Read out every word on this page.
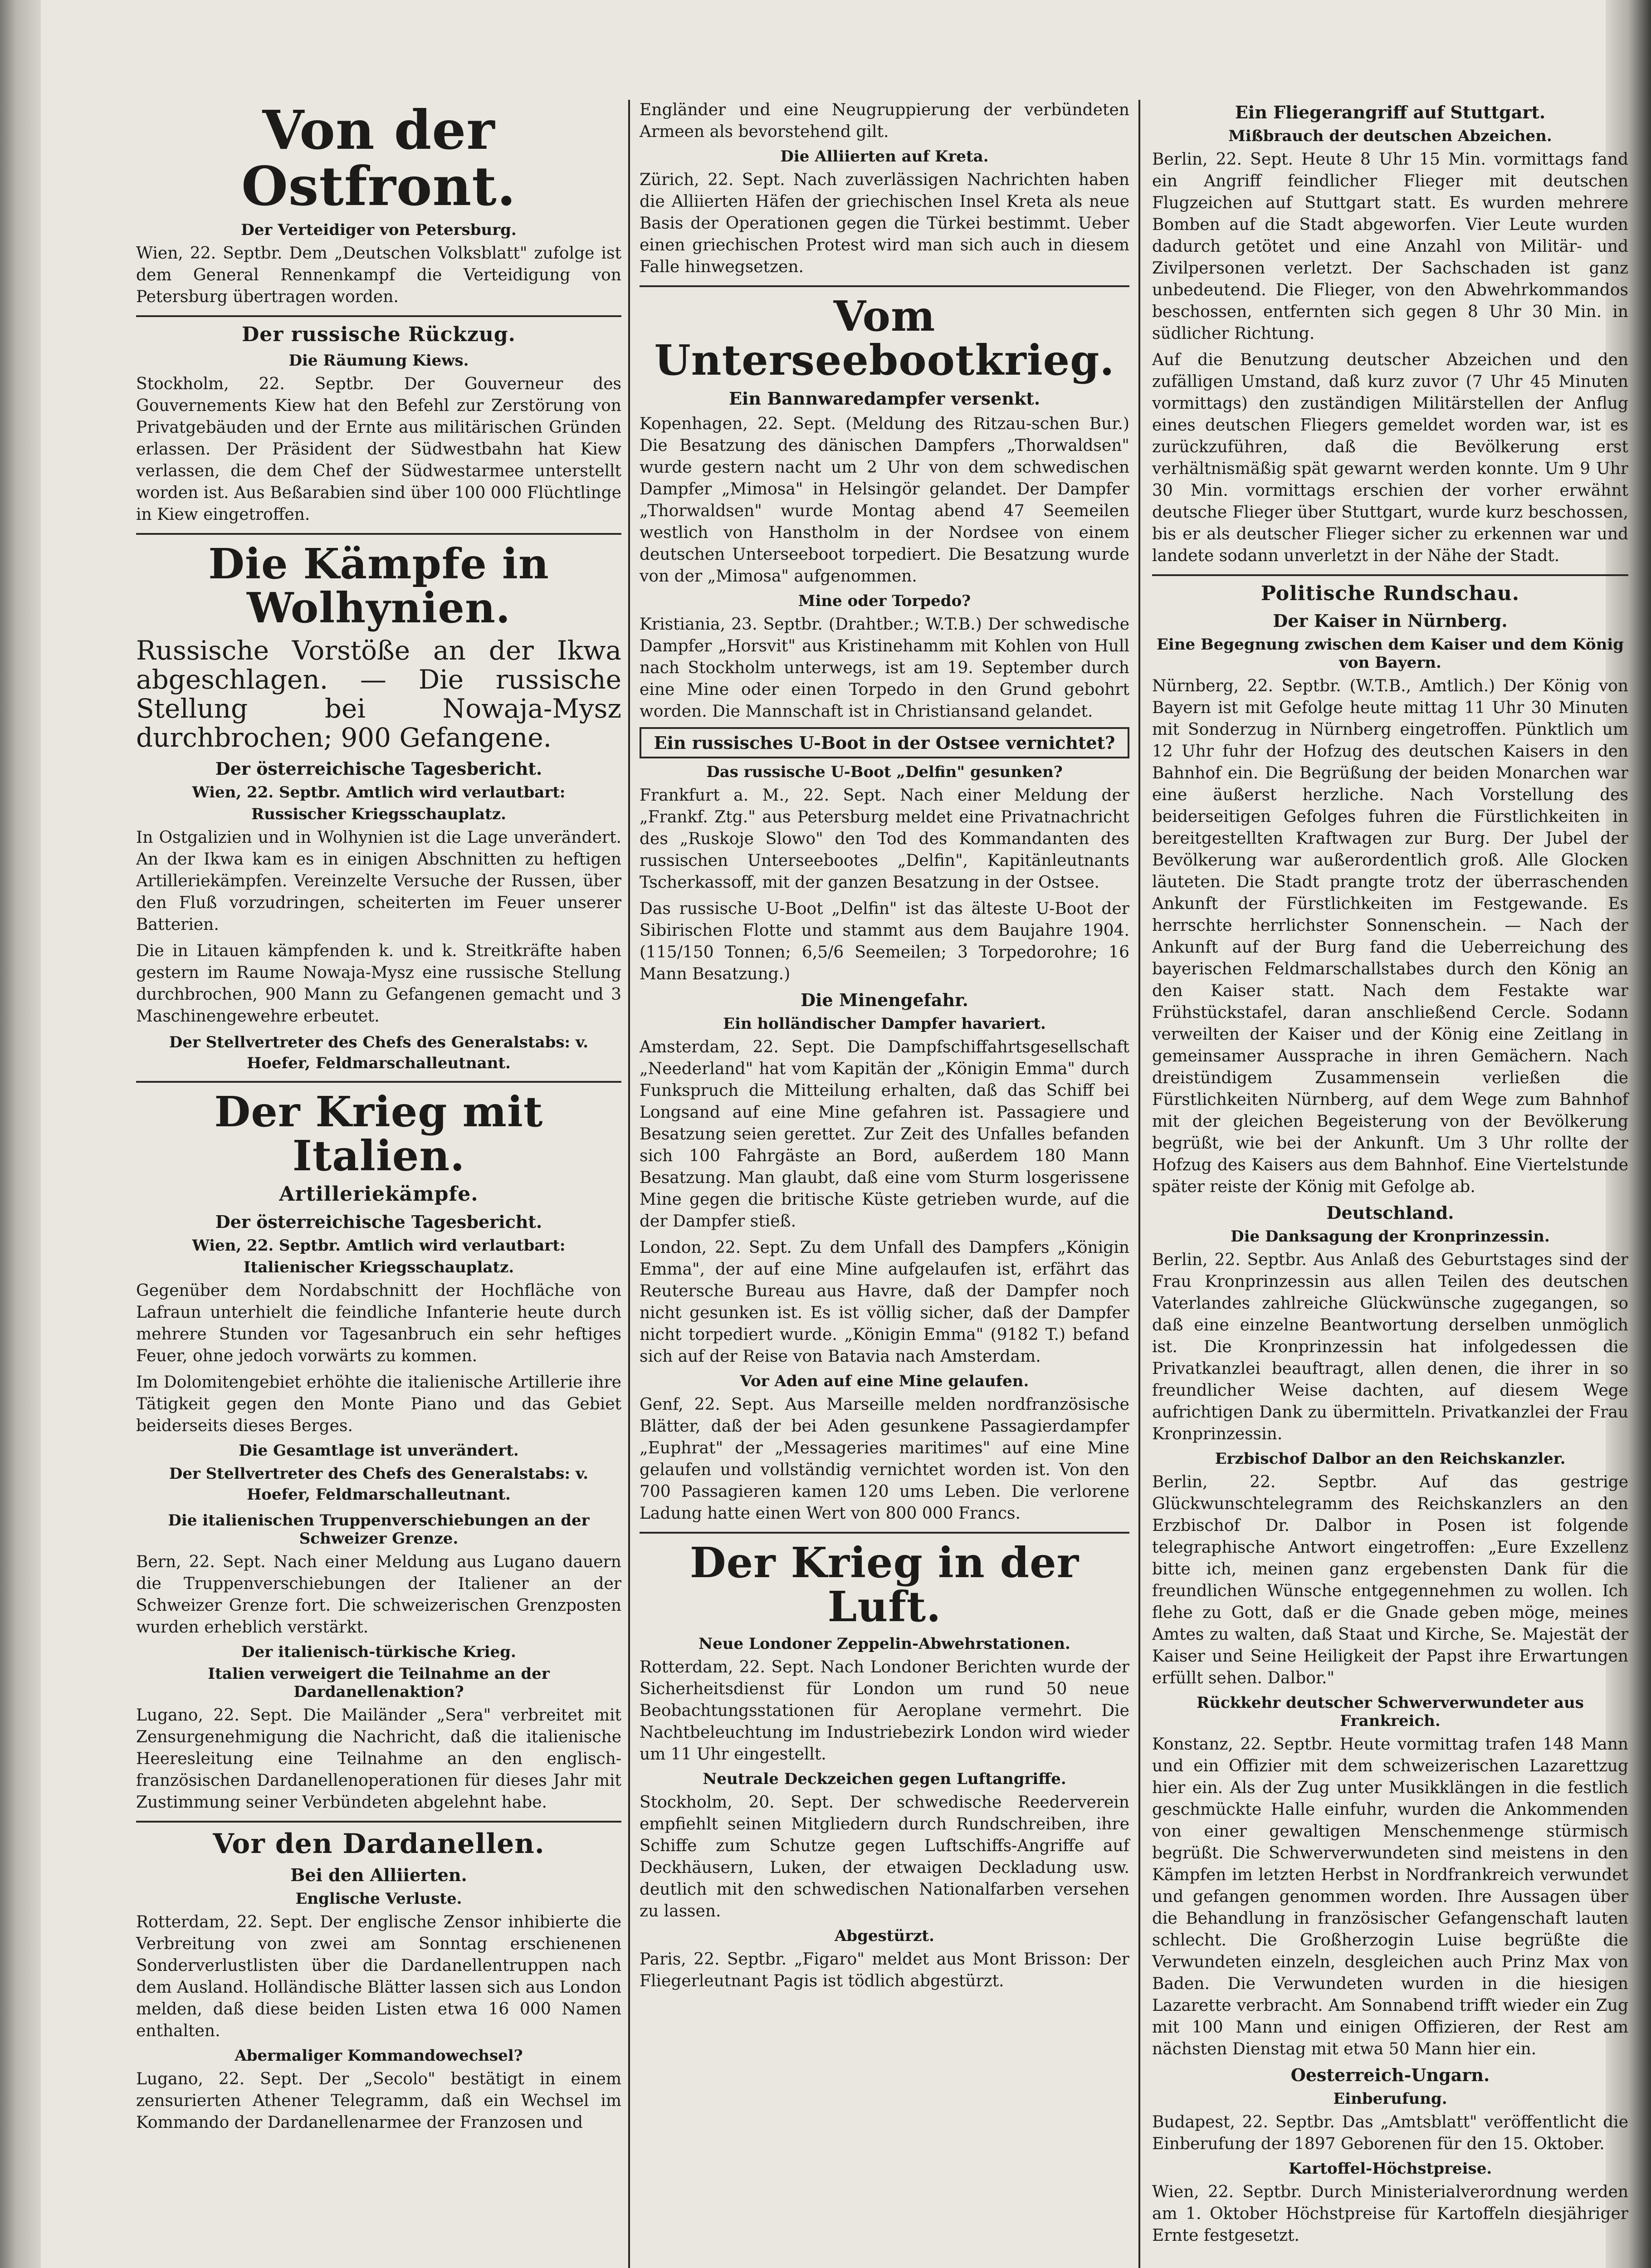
Von der Ostfront.
Der Verteidiger von Petersburg.
Wien, 22. Septbr. Dem „Deutschen Volksblatt" zufolge ist dem General Rennenkampf die Verteidigung von Petersburg übertragen worden.
Der russische Rückzug.
Die Räumung Kiews.
Stockholm, 22. Septbr. Der Gouverneur des Gouvernements Kiew hat den Befehl zur Zerstörung von Privatgebäuden und der Ernte aus militärischen Gründen erlassen. Der Präsident der Südwestbahn hat Kiew verlassen, die dem Chef der Südwestarmee unterstellt worden ist. Aus Beßarabien sind über 100 000 Flüchtlinge in Kiew eingetroffen.
Die Kämpfe in Wolhynien.
Russische Vorstöße an der Ikwa abgeschlagen. — Die russische Stellung bei Nowaja-Mysz durchbrochen; 900 Gefangene.
Der österreichische Tagesbericht.
Wien, 22. Septbr. Amtlich wird verlautbart:
Russischer Kriegsschauplatz.
In Ostgalizien und in Wolhynien ist die Lage unverändert. An der Ikwa kam es in einigen Abschnitten zu heftigen Artilleriekämpfen. Vereinzelte Versuche der Russen, über den Fluß vorzudringen, scheiterten im Feuer unserer Batterien.
Die in Litauen kämpfenden k. und k. Streitkräfte haben gestern im Raume Nowaja-Mysz eine russische Stellung durchbrochen, 900 Mann zu Gefangenen gemacht und 3 Maschinengewehre erbeutet.
Der Stellvertreter des Chefs des Generalstabs: v. Hoefer, Feldmarschalleutnant.
Der Krieg mit Italien.
Artilleriekämpfe.
Der österreichische Tagesbericht.
Wien, 22. Septbr. Amtlich wird verlautbart:
Italienischer Kriegsschauplatz.
Gegenüber dem Nordabschnitt der Hochfläche von Lafraun unterhielt die feindliche Infanterie heute durch mehrere Stunden vor Tagesanbruch ein sehr heftiges Feuer, ohne jedoch vorwärts zu kommen.
Im Dolomitengebiet erhöhte die italienische Artillerie ihre Tätigkeit gegen den Monte Piano und das Gebiet beiderseits dieses Berges.
Die Gesamtlage ist unverändert.
Der Stellvertreter des Chefs des Generalstabs: v. Hoefer, Feldmarschalleutnant.
Die italienischen Truppenverschiebungen an der Schweizer Grenze.
Bern, 22. Sept. Nach einer Meldung aus Lugano dauern die Truppenverschiebungen der Italiener an der Schweizer Grenze fort. Die schweizerischen Grenzposten wurden erheblich verstärkt.
Der italienisch-türkische Krieg.
Italien verweigert die Teilnahme an der Dardanellenaktion?
Lugano, 22. Sept. Die Mailänder „Sera" verbreitet mit Zensurgenehmigung die Nachricht, daß die italienische Heeresleitung eine Teilnahme an den englisch-französischen Dardanellenoperationen für dieses Jahr mit Zustimmung seiner Verbündeten abgelehnt habe.
Vor den Dardanellen.
Bei den Alliierten.
Englische Verluste.
Rotterdam, 22. Sept. Der englische Zensor inhibierte die Verbreitung von zwei am Sonntag erschienenen Sonderverlustlisten über die Dardanellentruppen nach dem Ausland. Holländische Blätter lassen sich aus London melden, daß diese beiden Listen etwa 16 000 Namen enthalten.
Abermaliger Kommandowechsel?
Lugano, 22. Sept. Der „Secolo" bestätigt in einem zensurierten Athener Telegramm, daß ein Wechsel im Kommando der Dardanellenarmee der Franzosen und
Engländer und eine Neugruppierung der verbündeten Armeen als bevorstehend gilt.
Die Alliierten auf Kreta.
Zürich, 22. Sept. Nach zuverlässigen Nachrichten haben die Alliierten Häfen der griechischen Insel Kreta als neue Basis der Operationen gegen die Türkei bestimmt. Ueber einen griechischen Protest wird man sich auch in diesem Falle hinwegsetzen.
Vom Unterseebootkrieg.
Ein Bannwaredampfer versenkt.
Kopenhagen, 22. Sept. (Meldung des Ritzau-schen Bur.) Die Besatzung des dänischen Dampfers „Thorwaldsen" wurde gestern nacht um 2 Uhr von dem schwedischen Dampfer „Mimosa" in Helsingör gelandet. Der Dampfer „Thorwaldsen" wurde Montag abend 47 Seemeilen westlich von Hanstholm in der Nordsee von einem deutschen Unterseeboot torpediert. Die Besatzung wurde von der „Mimosa" aufgenommen.
Mine oder Torpedo?
Kristiania, 23. Septbr. (Drahtber.; W.T.B.) Der schwedische Dampfer „Horsvit" aus Kristinehamm mit Kohlen von Hull nach Stockholm unterwegs, ist am 19. September durch eine Mine oder einen Torpedo in den Grund gebohrt worden. Die Mannschaft ist in Christiansand gelandet.
Ein russisches U-Boot in der Ostsee vernichtet?
Das russische U-Boot „Delfin" gesunken?
Frankfurt a. M., 22. Sept. Nach einer Meldung der „Frankf. Ztg." aus Petersburg meldet eine Privatnachricht des „Ruskoje Slowo" den Tod des Kommandanten des russischen Unterseebootes „Delfin", Kapitänleutnants Tscherkassoff, mit der ganzen Besatzung in der Ostsee.
Das russische U-Boot „Delfin" ist das älteste U-Boot der Sibirischen Flotte und stammt aus dem Baujahre 1904. (115/150 Tonnen; 6,5/6 Seemeilen; 3 Torpedorohre; 16 Mann Besatzung.)
Die Minengefahr.
Ein holländischer Dampfer havariert.
Amsterdam, 22. Sept. Die Dampfschiffahrtsgesellschaft „Neederland" hat vom Kapitän der „Königin Emma" durch Funkspruch die Mitteilung erhalten, daß das Schiff bei Longsand auf eine Mine gefahren ist. Passagiere und Besatzung seien gerettet. Zur Zeit des Unfalles befanden sich 100 Fahrgäste an Bord, außerdem 180 Mann Besatzung. Man glaubt, daß eine vom Sturm losgerissene Mine gegen die britische Küste getrieben wurde, auf die der Dampfer stieß.
London, 22. Sept. Zu dem Unfall des Dampfers „Königin Emma", der auf eine Mine aufgelaufen ist, erfährt das Reutersche Bureau aus Havre, daß der Dampfer noch nicht gesunken ist. Es ist völlig sicher, daß der Dampfer nicht torpediert wurde. „Königin Emma" (9182 T.) befand sich auf der Reise von Batavia nach Amsterdam.
Vor Aden auf eine Mine gelaufen.
Genf, 22. Sept. Aus Marseille melden nordfranzösische Blätter, daß der bei Aden gesunkene Passagierdampfer „Euphrat" der „Messageries maritimes" auf eine Mine gelaufen und vollständig vernichtet worden ist. Von den 700 Passagieren kamen 120 ums Leben. Die verlorene Ladung hatte einen Wert von 800 000 Francs.
Der Krieg in der Luft.
Neue Londoner Zeppelin-Abwehrstationen.
Rotterdam, 22. Sept. Nach Londoner Berichten wurde der Sicherheitsdienst für London um rund 50 neue Beobachtungsstationen für Aeroplane vermehrt. Die Nachtbeleuchtung im Industriebezirk London wird wieder um 11 Uhr eingestellt.
Neutrale Deckzeichen gegen Luftangriffe.
Stockholm, 20. Sept. Der schwedische Reederverein empfiehlt seinen Mitgliedern durch Rundschreiben, ihre Schiffe zum Schutze gegen Luftschiffs-Angriffe auf Deckhäusern, Luken, der etwaigen Deckladung usw. deutlich mit den schwedischen Nationalfarben versehen zu lassen.
Abgestürzt.
Paris, 22. Septbr. „Figaro" meldet aus Mont Brisson: Der Fliegerleutnant Pagis ist tödlich abgestürzt.
Ein Fliegerangriff auf Stuttgart.
Mißbrauch der deutschen Abzeichen.
Berlin, 22. Sept. Heute 8 Uhr 15 Min. vormittags fand ein Angriff feindlicher Flieger mit deutschen Flugzeichen auf Stuttgart statt. Es wurden mehrere Bomben auf die Stadt abgeworfen. Vier Leute wurden dadurch getötet und eine Anzahl von Militär- und Zivilpersonen verletzt. Der Sachschaden ist ganz unbedeutend. Die Flieger, von den Abwehrkommandos beschossen, entfernten sich gegen 8 Uhr 30 Min. in südlicher Richtung.
Auf die Benutzung deutscher Abzeichen und den zufälligen Umstand, daß kurz zuvor (7 Uhr 45 Minuten vormittags) den zuständigen Militärstellen der Anflug eines deutschen Fliegers gemeldet worden war, ist es zurückzuführen, daß die Bevölkerung erst verhältnismäßig spät gewarnt werden konnte. Um 9 Uhr 30 Min. vormittags erschien der vorher erwähnt deutsche Flieger über Stuttgart, wurde kurz beschossen, bis er als deutscher Flieger sicher zu erkennen war und landete sodann unverletzt in der Nähe der Stadt.
Politische Rundschau.
Der Kaiser in Nürnberg.
Eine Begegnung zwischen dem Kaiser und dem König von Bayern.
Nürnberg, 22. Septbr. (W.T.B., Amtlich.) Der König von Bayern ist mit Gefolge heute mittag 11 Uhr 30 Minuten mit Sonderzug in Nürnberg eingetroffen. Pünktlich um 12 Uhr fuhr der Hofzug des deutschen Kaisers in den Bahnhof ein. Die Begrüßung der beiden Monarchen war eine äußerst herzliche. Nach Vorstellung des beiderseitigen Gefolges fuhren die Fürstlichkeiten in bereitgestellten Kraftwagen zur Burg. Der Jubel der Bevölkerung war außerordentlich groß. Alle Glocken läuteten. Die Stadt prangte trotz der überraschenden Ankunft der Fürstlichkeiten im Festgewande. Es herrschte herrlichster Sonnenschein. — Nach der Ankunft auf der Burg fand die Ueberreichung des bayerischen Feldmarschallstabes durch den König an den Kaiser statt. Nach dem Festakte war Frühstückstafel, daran anschließend Cercle. Sodann verweilten der Kaiser und der König eine Zeitlang in gemeinsamer Aussprache in ihren Gemächern. Nach dreistündigem Zusammensein verließen die Fürstlichkeiten Nürnberg, auf dem Wege zum Bahnhof mit der gleichen Begeisterung von der Bevölkerung begrüßt, wie bei der Ankunft. Um 3 Uhr rollte der Hofzug des Kaisers aus dem Bahnhof. Eine Viertelstunde später reiste der König mit Gefolge ab.
Deutschland.
Die Danksagung der Kronprinzessin.
Berlin, 22. Septbr. Aus Anlaß des Geburtstages sind der Frau Kronprinzessin aus allen Teilen des deutschen Vaterlandes zahlreiche Glückwünsche zugegangen, so daß eine einzelne Beantwortung derselben unmöglich ist. Die Kronprinzessin hat infolgedessen die Privatkanzlei beauftragt, allen denen, die ihrer in so freundlicher Weise dachten, auf diesem Wege aufrichtigen Dank zu übermitteln. Privatkanzlei der Frau Kronprinzessin.
Erzbischof Dalbor an den Reichskanzler.
Berlin, 22. Septbr. Auf das gestrige Glückwunschtelegramm des Reichskanzlers an den Erzbischof Dr. Dalbor in Posen ist folgende telegraphische Antwort eingetroffen: „Eure Exzellenz bitte ich, meinen ganz ergebensten Dank für die freundlichen Wünsche entgegennehmen zu wollen. Ich flehe zu Gott, daß er die Gnade geben möge, meines Amtes zu walten, daß Staat und Kirche, Se. Majestät der Kaiser und Seine Heiligkeit der Papst ihre Erwartungen erfüllt sehen. Dalbor."
Rückkehr deutscher Schwerverwundeter aus Frankreich.
Konstanz, 22. Septbr. Heute vormittag trafen 148 Mann und ein Offizier mit dem schweizerischen Lazarettzug hier ein. Als der Zug unter Musikklängen in die festlich geschmückte Halle einfuhr, wurden die Ankommenden von einer gewaltigen Menschenmenge stürmisch begrüßt. Die Schwerverwundeten sind meistens in den Kämpfen im letzten Herbst in Nordfrankreich verwundet und gefangen genommen worden. Ihre Aussagen über die Behandlung in französischer Gefangenschaft lauten schlecht. Die Großherzogin Luise begrüßte die Verwundeten einzeln, desgleichen auch Prinz Max von Baden. Die Verwundeten wurden in die hiesigen Lazarette verbracht. Am Sonnabend trifft wieder ein Zug mit 100 Mann und einigen Offizieren, der Rest am nächsten Dienstag mit etwa 50 Mann hier ein.
Oesterreich-Ungarn.
Einberufung.
Budapest, 22. Septbr. Das „Amtsblatt" veröffentlicht die Einberufung der 1897 Geborenen für den 15. Oktober.
Kartoffel-Höchstpreise.
Wien, 22. Septbr. Durch Ministerialverordnung werden am 1. Oktober Höchstpreise für Kartoffeln diesjähriger Ernte festgesetzt.
